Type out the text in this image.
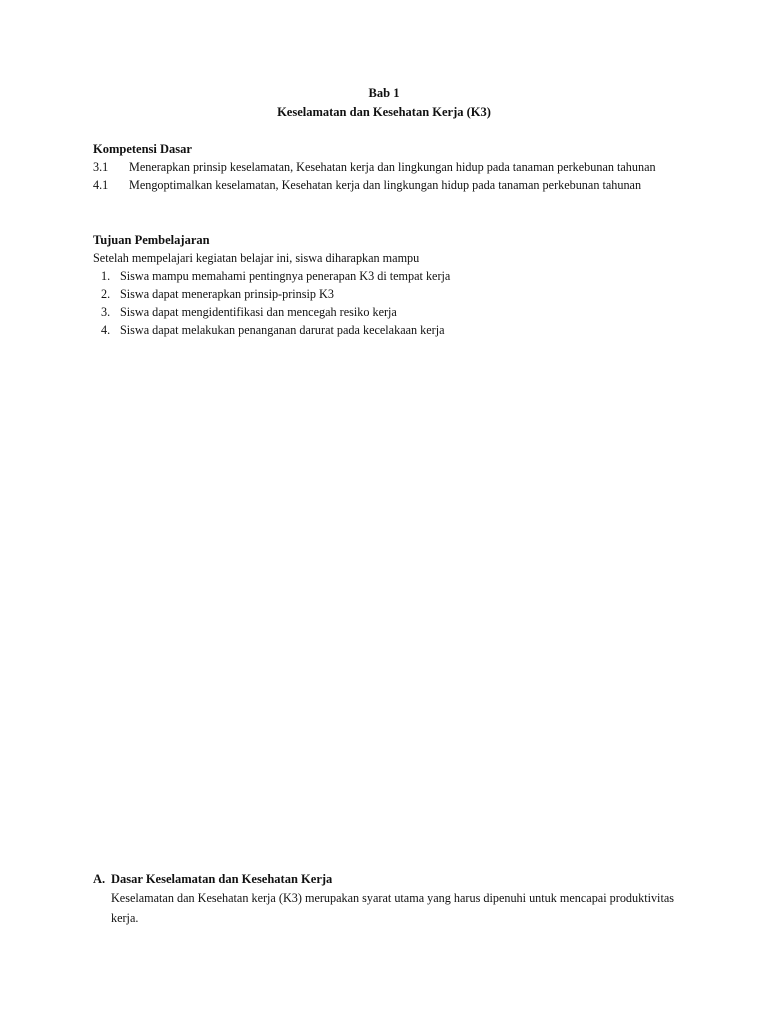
Bab 1
Keselamatan dan Kesehatan Kerja (K3)
Kompetensi Dasar
3.1	Menerapkan prinsip keselamatan, Kesehatan kerja dan lingkungan hidup pada tanaman perkebunan tahunan
4.1	Mengoptimalkan keselamatan, Kesehatan kerja dan lingkungan hidup pada tanaman perkebunan tahunan
Tujuan Pembelajaran
Setelah mempelajari kegiatan belajar ini, siswa diharapkan mampu
1. Siswa mampu memahami pentingnya penerapan K3 di tempat kerja
2. Siswa dapat menerapkan prinsip-prinsip K3
3. Siswa dapat mengidentifikasi dan mencegah resiko kerja
4. Siswa dapat melakukan penanganan darurat pada kecelakaan kerja
A. Dasar Keselamatan dan Kesehatan Kerja
Keselamatan dan Kesehatan kerja (K3) merupakan syarat utama yang harus dipenuhi untuk mencapai produktivitas kerja.
